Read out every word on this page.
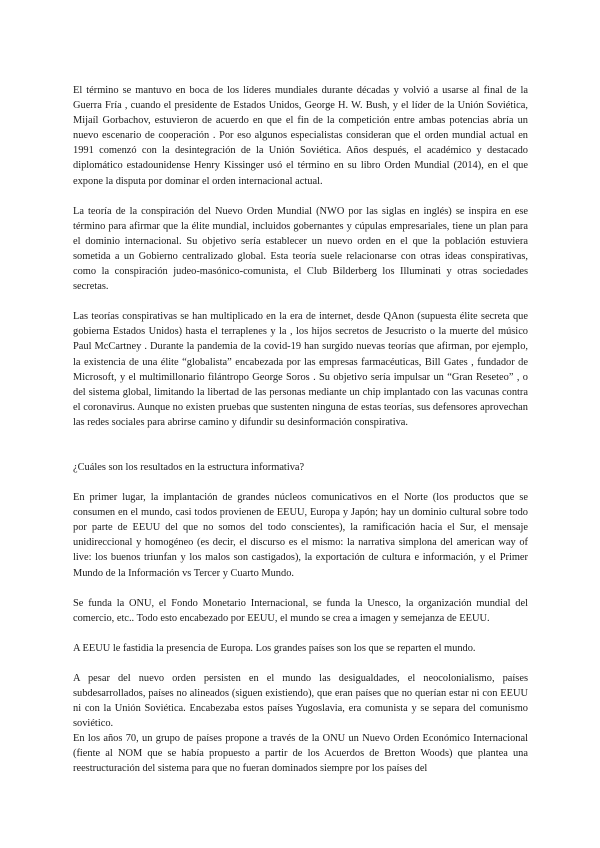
El término se mantuvo en boca de los líderes mundiales durante décadas y volvió a usarse al final de la Guerra Fría , cuando el presidente de Estados Unidos, George H. W. Bush, y el líder de la Unión Soviética, Mijaíl Gorbachov, estuvieron de acuerdo en que el fin de la competición entre ambas potencias abría un nuevo escenario de cooperación . Por eso algunos especialistas consideran que el orden mundial actual en 1991 comenzó con la desintegración de la Unión Soviética. Años después, el académico y destacado diplomático estadounidense Henry Kissinger usó el término en su libro Orden Mundial (2014), en el que expone la disputa por dominar el orden internacional actual.

La teoría de la conspiración del Nuevo Orden Mundial (NWO por las siglas en inglés) se inspira en ese término para afirmar que la élite mundial, incluidos gobernantes y cúpulas empresariales, tiene un plan para el dominio internacional. Su objetivo sería establecer un nuevo orden en el que la población estuviera sometida a un Gobierno centralizado global. Esta teoría suele relacionarse con otras ideas conspirativas, como la conspiración judeo-masónico-comunista, el Club Bilderberg los Illuminati y otras sociedades secretas.

Las teorías conspirativas se han multiplicado en la era de internet, desde QAnon (supuesta élite secreta que gobierna Estados Unidos) hasta el terraplenes y la , los hijos secretos de Jesucristo o la muerte del músico Paul McCartney . Durante la pandemia de la covid-19 han surgido nuevas teorías que afirman, por ejemplo, la existencia de una élite “globalista” encabezada por las empresas farmacéuticas, Bill Gates , fundador de Microsoft, y el multimillonario filántropo George Soros . Su objetivo sería impulsar un “Gran Reseteo” , o del sistema global, limitando la libertad de las personas mediante un chip implantado con las vacunas contra el coronavirus. Aunque no existen pruebas que sustenten ninguna de estas teorías, sus defensores aprovechan las redes sociales para abrirse camino y difundir su desinformación conspirativa.

¿Cuáles son los resultados en la estructura informativa?

En primer lugar, la implantación de grandes núcleos comunicativos en el Norte (los productos que se consumen en el mundo, casi todos provienen de EEUU, Europa y Japón; hay un dominio cultural sobre todo por parte de EEUU del que no somos del todo conscientes), la ramificación hacia el Sur, el mensaje unidireccional y homogéneo (es decir, el discurso es el mismo: la narrativa simplona del american way of live: los buenos triunfan y los malos son castigados), la exportación de cultura e información, y el Primer Mundo de la Información vs Tercer y Cuarto Mundo.

Se funda la ONU, el Fondo Monetario Internacional, se funda la Unesco, la organización mundial del comercio, etc.. Todo esto encabezado por EEUU, el mundo se crea a imagen y semejanza de EEUU.

A EEUU le fastidia la presencia de Europa. Los grandes países son los que se reparten el mundo.

A pesar del nuevo orden persisten en el mundo las desigualdades, el neocolonialismo, países subdesarrollados, países no alineados (siguen existiendo), que eran países que no querían estar ni con EEUU ni con la Unión Soviética. Encabezaba estos países Yugoslavia, era comunista y se separa del comunismo soviético.

En los años 70, un grupo de países propone a través de la ONU un Nuevo Orden Económico Internacional (fiente al NOM que se había propuesto a partir de los Acuerdos de Bretton Woods) que plantea una reestructuración del sistema para que no fueran dominados siempre por los países del
